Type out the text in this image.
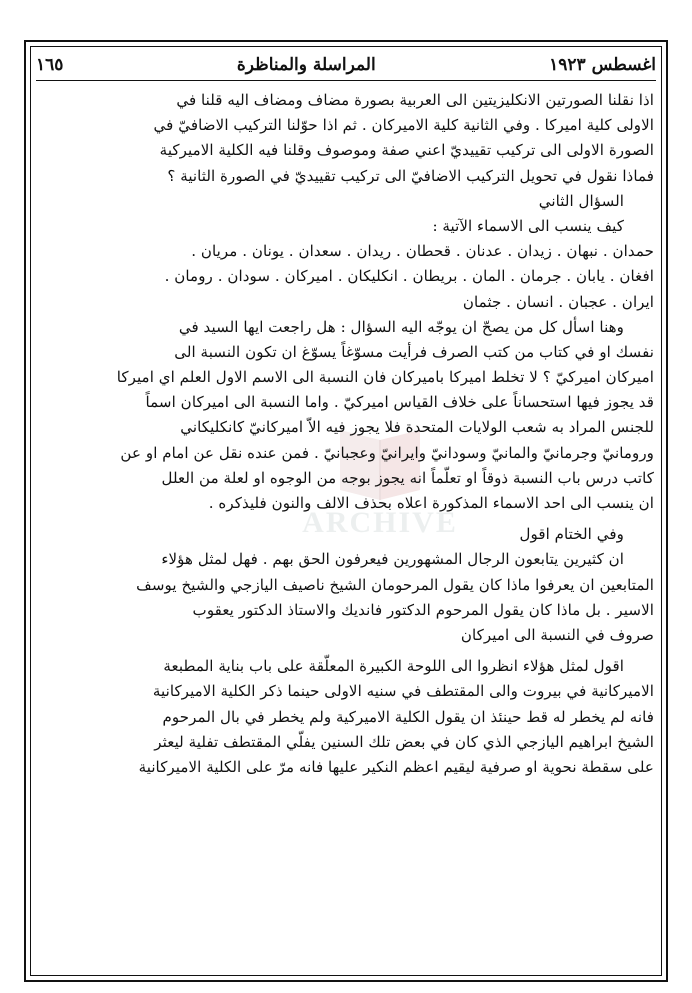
اغسطس ١٩٢٣
المراسلة والمناظرة
١٦٥
ARCHIVE
اذا نقلنا الصورتين الانكليزيتين الى العربية بصورة مضاف ومضاف اليه قلنا في
الاولى كلية اميركا . وفي الثانية كلية الاميركان . ثم اذا حوّلنا التركيب الاضافيّ في
الصورة الاولى الى تركيب تقييديّ اعني صفة وموصوف وقلنا فيه الكلية الاميركية
فماذا نقول في تحويل التركيب الاضافيّ الى تركيب تقييديّ في الصورة الثانية ؟
السؤال الثاني
كيف ينسب الى الاسماء الآتية :
حمدان . نبهان . زيدان . عدنان . قحطان . ريدان . سعدان . يونان . مريان .
افغان . يابان . جرمان . المان . بريطان . انكليكان . اميركان . سودان . رومان .
ايران . عجبان . انسان . جثمان
وهنا اسأل كل من يصحّ ان يوجّه اليه السؤال : هل راجعت ايها السيد في
نفسك او في كتاب من كتب الصرف فرأيت مسوّغاً يسوّغ ان تكون النسبة الى
اميركان اميركيّ ؟ لا تخلط اميركا باميركان فان النسبة الى الاسم الاول العلم اي اميركا
قد يجوز فيها استحساناً على خلاف القياس اميركيّ . واما النسبة الى اميركان اسماً
للجنس المراد به شعب الولايات المتحدة فلا يجوز فيه الاّ اميركانيّ كانكليكاني
ورومانيّ وجرمانيّ والمانيّ وسودانيّ وايرانيّ وعجبانيّ . فمن عنده نقل عن امام او عن
كاتب درس باب النسبة ذوقاً او تعلّماً انه يجوز بوجه من الوجوه او لعلة من العلل
ان ينسب الى احد الاسماء المذكورة اعلاه بحذف الالف والنون فليذكره .
وفي الختام اقول
ان كثيرين يتابعون الرجال المشهورين فيعرفون الحق بهم . فهل لمثل هؤلاء
المتابعين ان يعرفوا ماذا كان يقول المرحومان الشيخ ناصيف اليازجي والشيخ يوسف
الاسير . بل ماذا كان يقول المرحوم الدكتور فانديك والاستاذ الدكتور يعقوب
صروف في النسبة الى اميركان
اقول لمثل هؤلاء انظروا الى اللوحة الكبيرة المعلّقة على باب بناية المطبعة
الاميركانية في بيروت والى المقتطف في سنيه الاولى حينما ذكر الكلية الاميركانية
فانه لم يخطر له قط حينئذ ان يقول الكلية الاميركية ولم يخطر في بال المرحوم
الشيخ ابراهيم اليازجي الذي كان في بعض تلك السنين يفلّي المقتطف تفلية ليعثر
على سقطة نحوية او صرفية ليقيم اعظم النكير عليها فانه مرّ على الكلية الاميركانية
